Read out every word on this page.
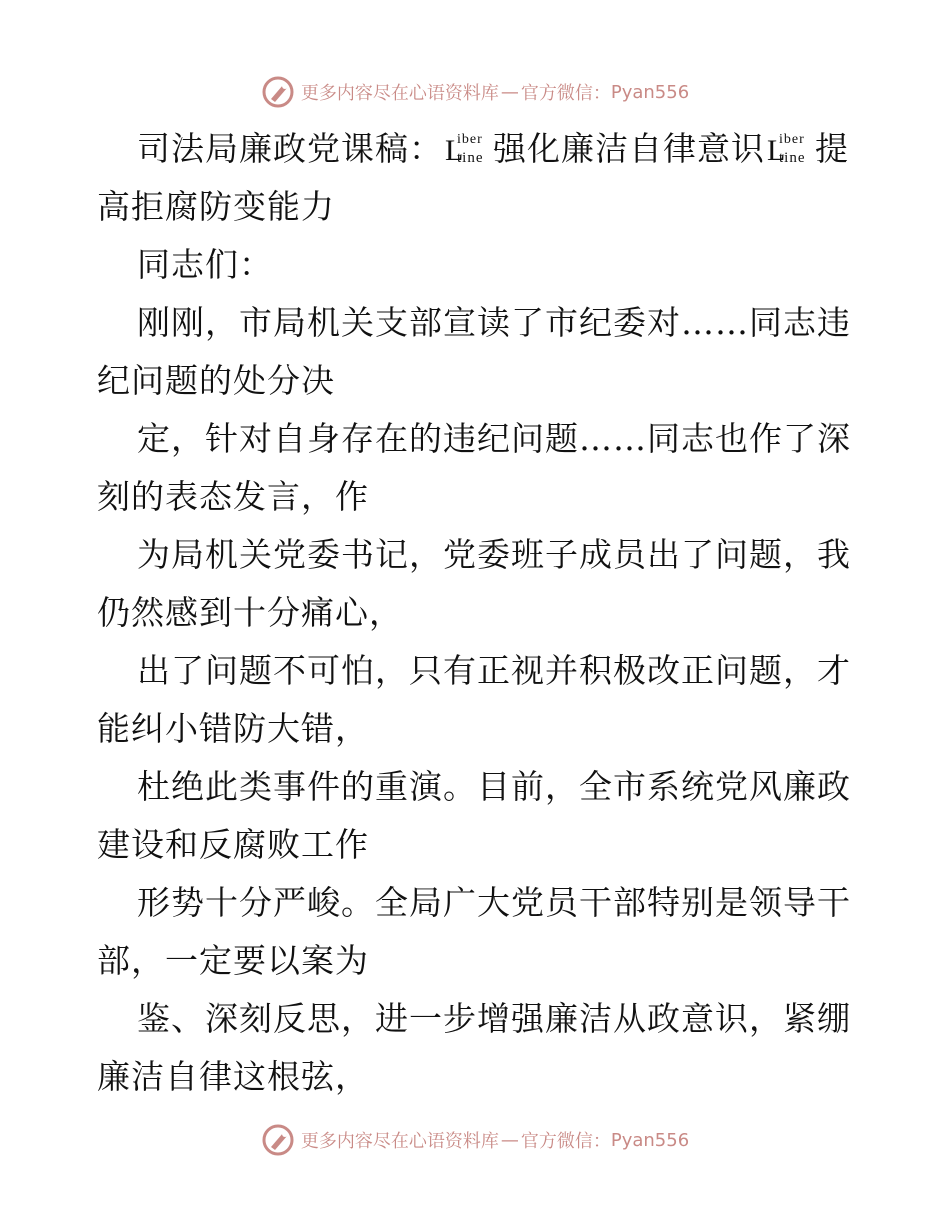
更多内容尽在心语资料库 — 官方微信： Pyan556

司法局廉政党课稿： L
iber
tine 强化廉洁自律意识 L
iber
tine 提

高拒腐防变能力

同志们：

刚刚，市局机关支部宣读了市纪委对……同志违

纪问题的处分决

定，针对自身存在的违纪问题……同志也作了深

刻的表态发言，作

为局机关党委书记，党委班子成员出了问题，我

仍然感到十分痛心，

出了问题不可怕，只有正视并积极改正问题，才

能纠小错防大错，

杜绝此类事件的重演。目前，全市系统党风廉政

建设和反腐败工作

形势十分严峻。全局广大党员干部特别是领导干

部，一定要以案为

鉴、深刻反思，进一步增强廉洁从政意识，紧绷

廉洁自律这根弦，

更多内容尽在心语资料库 — 官方微信： Pyan556
